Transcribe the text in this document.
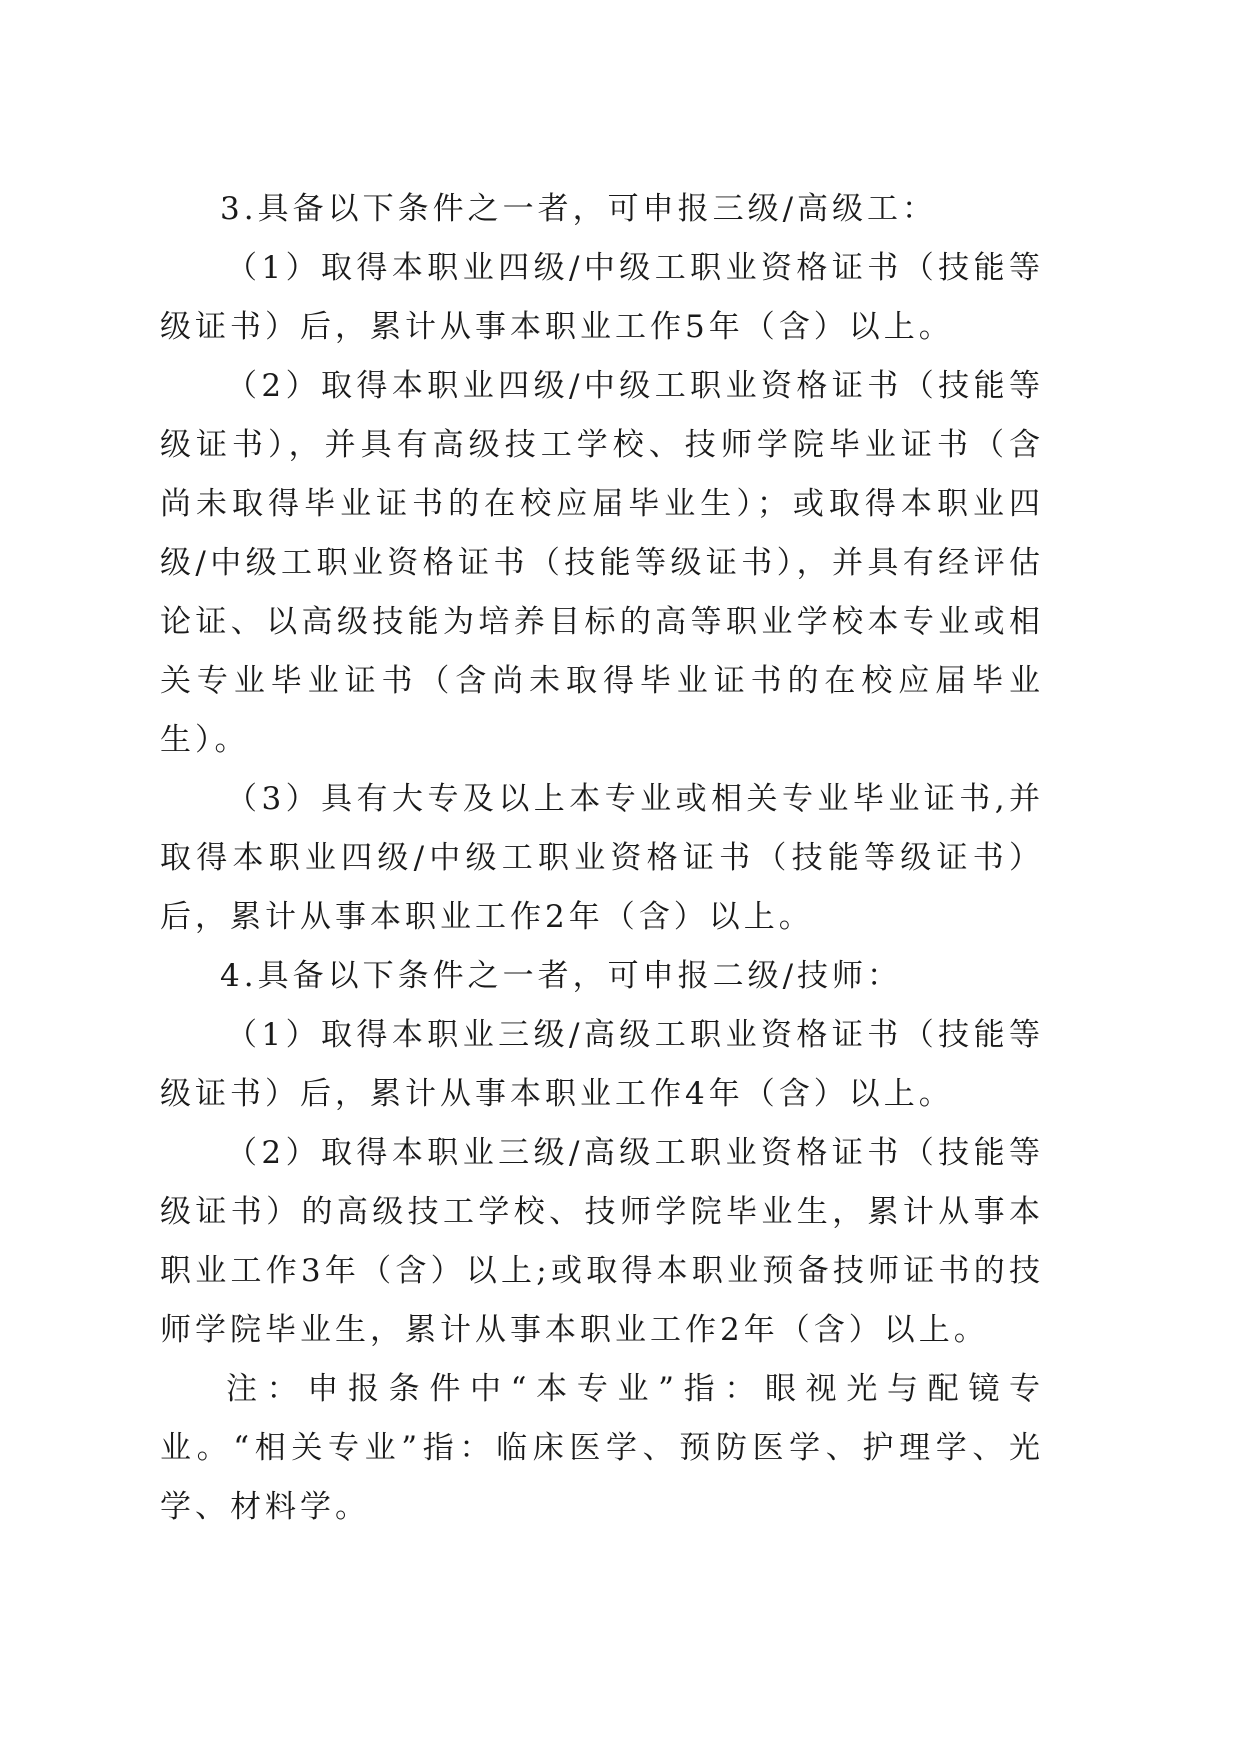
3.具备以下条件之一者，可申报三级/高级工：

（1）取得本职业四级/中级工职业资格证书（技能等级证书）后，累计从事本职业工作5年（含）以上。

（2）取得本职业四级/中级工职业资格证书（技能等级证书），并具有高级技工学校、技师学院毕业证书（含尚未取得毕业证书的在校应届毕业生）；或取得本职业四级/中级工职业资格证书（技能等级证书），并具有经评估论证、以高级技能为培养目标的高等职业学校本专业或相关专业毕业证书（含尚未取得毕业证书的在校应届毕业生）。

（3）具有大专及以上本专业或相关专业毕业证书,并取得本职业四级/中级工职业资格证书（技能等级证书）后，累计从事本职业工作2年（含）以上。

4.具备以下条件之一者，可申报二级/技师：

（1）取得本职业三级/高级工职业资格证书（技能等级证书）后，累计从事本职业工作4年（含）以上。

（2）取得本职业三级/高级工职业资格证书（技能等级证书）的高级技工学校、技师学院毕业生，累计从事本职业工作3年（含）以上;或取得本职业预备技师证书的技师学院毕业生，累计从事本职业工作2年（含）以上。

注：申报条件中“本专业”指：眼视光与配镜专业。“相关专业”指：临床医学、预防医学、护理学、光学、材料学。
